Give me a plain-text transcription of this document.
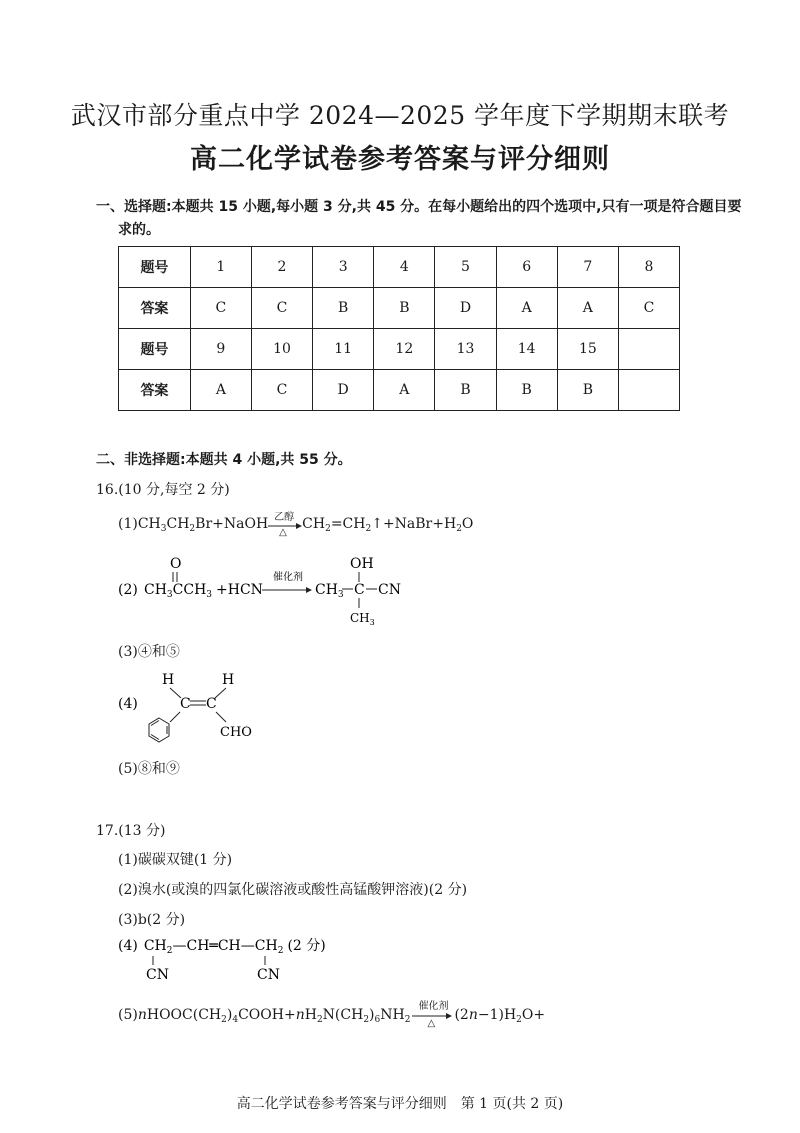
武汉市部分重点中学 2024—2025 学年度下学期期末联考
高二化学试卷参考答案与评分细则
一、选择题:本题共 15 小题,每小题 3 分,共 45 分。在每小题给出的四个选项中,只有一项是符合题目要
求的。
题号	1	2	3	4	5	6	7	8
答案	C	C	B	B	D	A	A	C
题号	9	10	11	12	13	14	15	
答案	A	C	D	A	B	B	B	
二、非选择题:本题共 4 小题,共 55 分。
16.(10 分,每空 2 分)
$(1)CH_3CH_2Br+NaOH$ 乙醇
△
$CH_2=CH_2↑+NaBr+H_2O$
(2)
O
$CH_3CCH_3 +HCN$
催化剂
OH
$CH_3$ C CN
$CH_3$
(3)④和⑤
(4)
H	H
C C
CHO
(5)⑧和⑨
17.(13 分)
(1)碳碳双键(1 分)
(2)溴水(或溴的四氯化碳溶液或酸性高锰酸钾溶液)(2 分)
(3)b(2 分)
(4) $CH_2—CH═CH—CH_2$ (2 分)
CN	CN
$(5)nHOOC(CH_2)_4COOH+nH_2N(CH_2)_6NH_2$
催化剂
△
$(2n-1)H_2O+$
高二化学试卷参考答案与评分细则　第 1 页(共 2 页)
